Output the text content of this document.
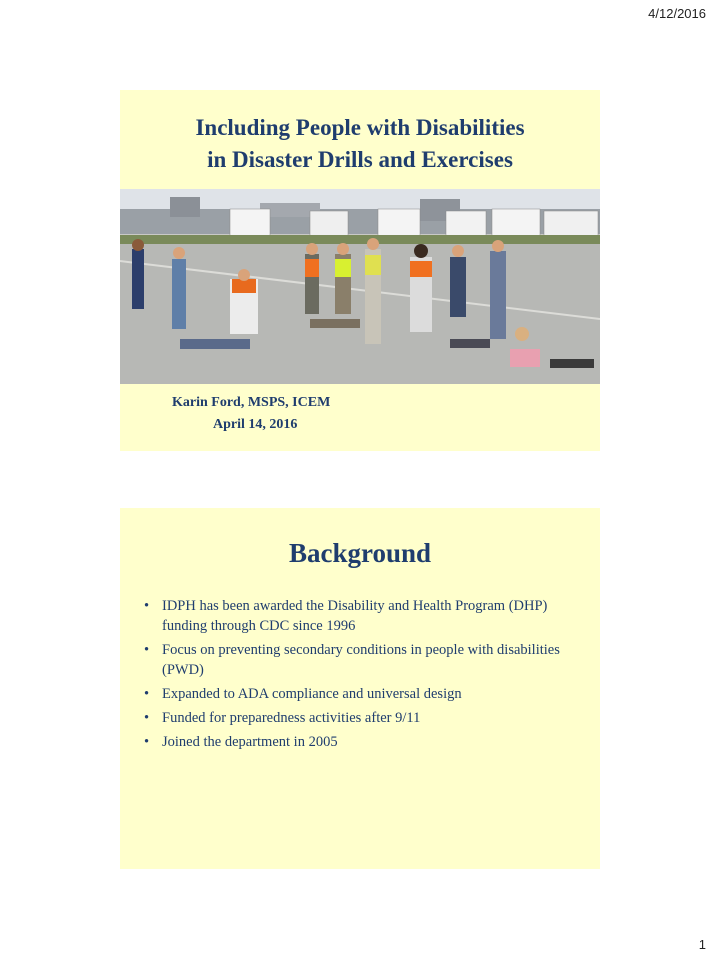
4/12/2016
Including People with Disabilities
in Disaster Drills and Exercises
Karin Ford, MSPS, ICEM
April 14, 2016
Background
• IDPH has been awarded the Disability and Health Program (DHP) funding through CDC since 1996
• Focus on preventing secondary conditions in people with disabilities (PWD)
• Expanded to ADA compliance and universal design
• Funded for preparedness activities after 9/11
• Joined the department in 2005
1
